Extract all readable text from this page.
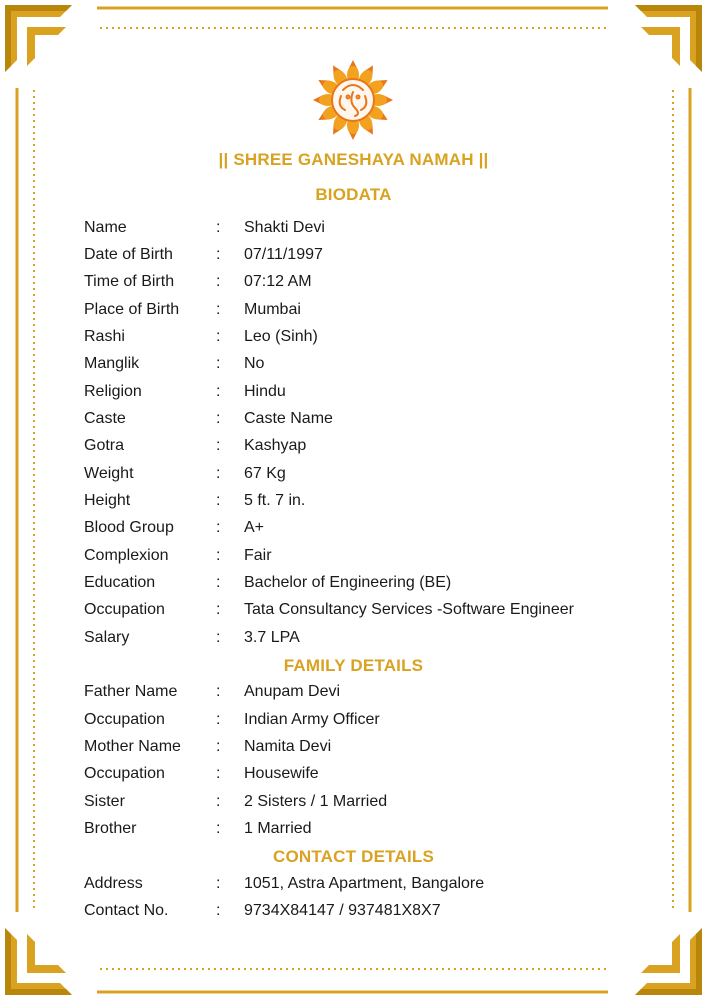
|| SHREE GANESHAYA NAMAH ||

BIODATA

Name	: Shakti Devi
Date of Birth	: 07/11/1997
Time of Birth	: 07:12 AM
Place of Birth : Mumbai
Rashi	: Leo (Sinh)
Manglik	: No
Religion	: Hindu
Caste	: Caste Name
Gotra	: Kashyap
Weight	: 67 Kg
Height	: 5 ft. 7 in.
Blood Group	: A+
Complexion	: Fair
Education	: Bachelor of Engineering (BE)
Occupation	: Tata Consultancy Services -Software Engineer
Salary	: 3.7 LPA

FAMILY DETAILS

Father Name : Anupam Devi
Occupation	: Indian Army Officer
Mother Name : Namita Devi
Occupation	: Housewife
Sister	: 2 Sisters / 1 Married
Brother	: 1 Married

CONTACT DETAILS

Address	: 1051, Astra Apartment, Bangalore
Contact No.	: 9734X84147 / 937481X8X7
